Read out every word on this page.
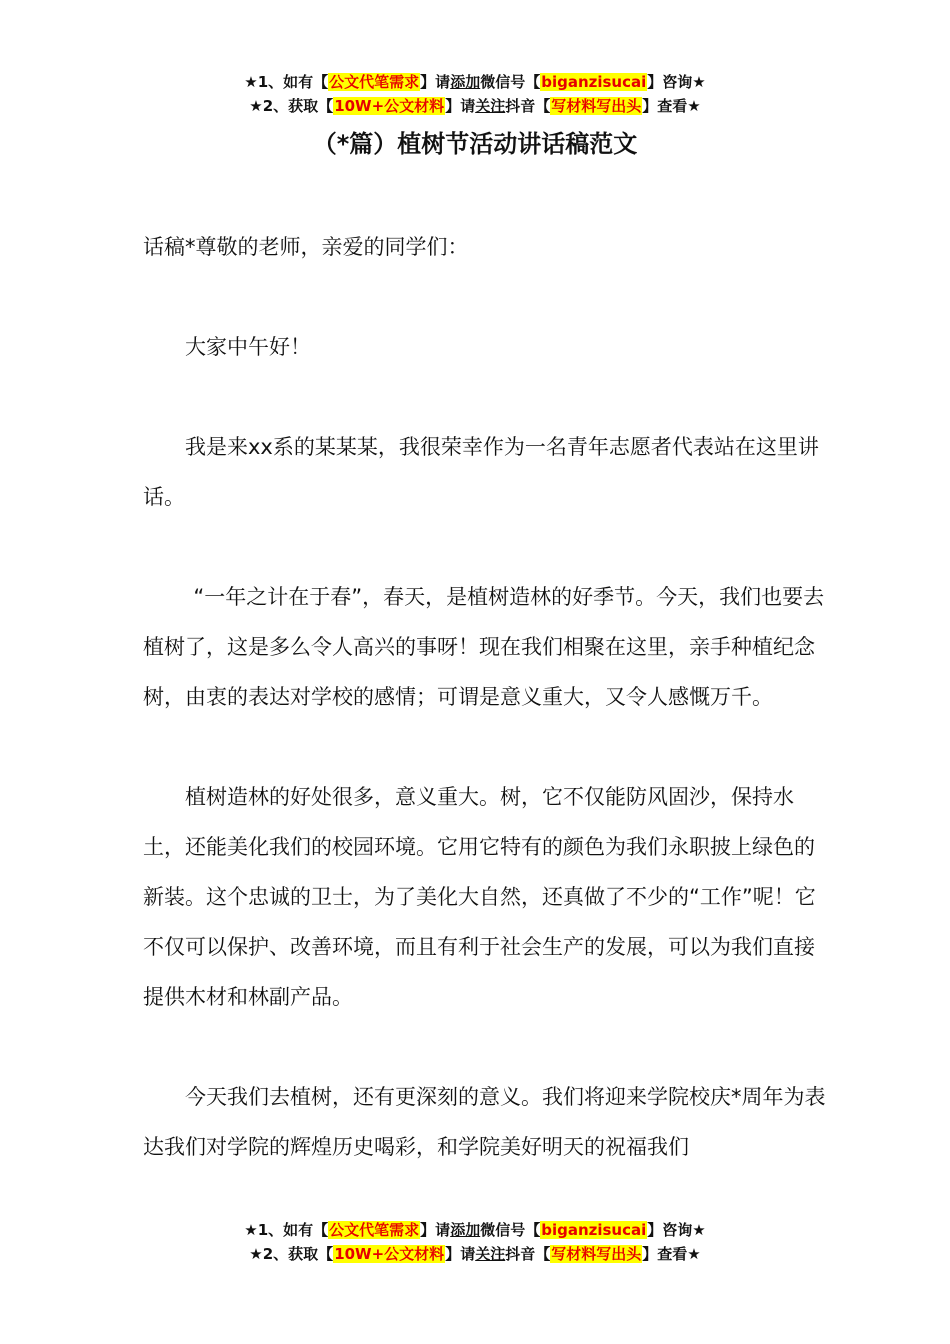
★1、如有【公文代笔需求】请添加微信号【biganzisucai】咨询★
★2、获取【10W+公文材料】请关注抖音【写材料写出头】查看★
（*篇）植树节活动讲话稿范文

话稿*尊敬的老师，亲爱的同学们：

大家中午好！

我是来xx系的某某某，我很荣幸作为一名青年志愿者代表站在这里讲话。

“一年之计在于春”，春天，是植树造林的好季节。今天，我们也要去植树了，这是多么令人高兴的事呀！现在我们相聚在这里，亲手种植纪念树，由衷的表达对学校的感情；可谓是意义重大，又令人感慨万千。

植树造林的好处很多，意义重大。树，它不仅能防风固沙，保持水土，还能美化我们的校园环境。它用它特有的颜色为我们永职披上绿色的新装。这个忠诚的卫士，为了美化大自然，还真做了不少的“工作”呢！它不仅可以保护、改善环境，而且有利于社会生产的发展，可以为我们直接提供木材和林副产品。

今天我们去植树，还有更深刻的意义。我们将迎来学院校庆*周年为表达我们对学院的辉煌历史喝彩，和学院美好明天的祝福我们

★1、如有【公文代笔需求】请添加微信号【biganzisucai】咨询★
★2、获取【10W+公文材料】请关注抖音【写材料写出头】查看★
